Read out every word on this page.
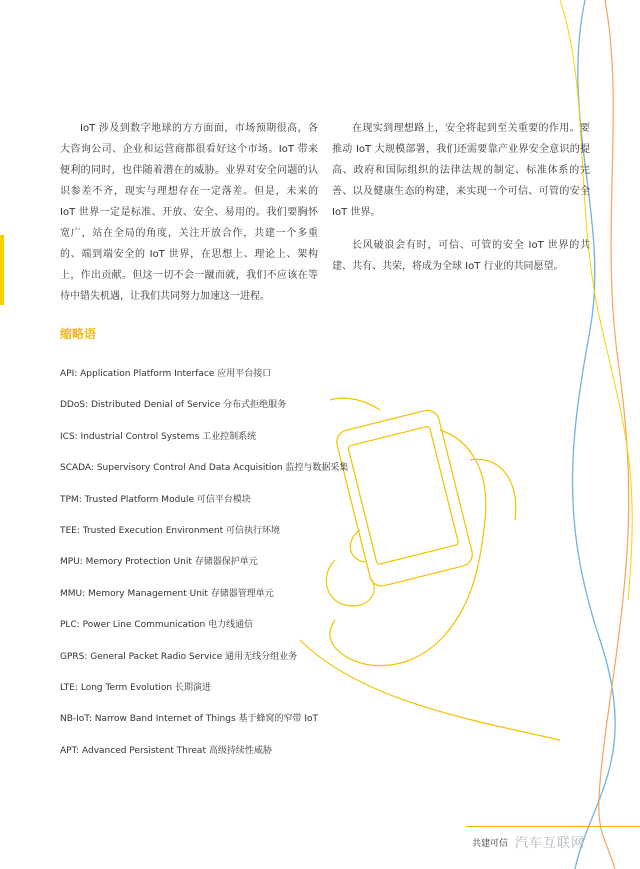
IoT 涉及到数字地球的方方面面，市场预期很高，各大咨询公司、企业和运营商都很看好这个市场。IoT 带来便利的同时，也伴随着潜在的威胁。业界对安全问题的认识参差不齐，现实与理想存在一定落差。但是，未来的 IoT 世界一定是标准、开放、安全、易用的。我们要胸怀宽广，站在全局的角度，关注开放合作，共建一个多重的、端到端安全的 IoT 世界，在思想上、理论上、架构上，作出贡献。但这一切不会一蹴而就，我们不应该在等待中错失机遇，让我们共同努力加速这一进程。

在现实到理想路上，安全将起到至关重要的作用。要推动 IoT 大规模部署，我们还需要靠产业界安全意识的提高、政府和国际组织的法律法规的制定、标准体系的完善、以及健康生态的构建，来实现一个可信、可管的安全 IoT 世界。

长风破浪会有时，可信、可管的安全 IoT 世界的共建、共有、共荣，将成为全球 IoT 行业的共同愿望。

缩略语
API: Application Platform Interface 应用平台接口
DDoS: Distributed Denial of Service 分布式拒绝服务
ICS: Industrial Control Systems 工业控制系统
SCADA: Supervisory Control And Data Acquisition 监控与数据采集
TPM: Trusted Platform Module 可信平台模块
TEE: Trusted Execution Environment 可信执行环境
MPU: Memory Protection Unit 存储器保护单元
MMU: Memory Management Unit 存储器管理单元
PLC: Power Line Communication 电力线通信
GPRS: General Packet Radio Service 通用无线分组业务
LTE: Long Term Evolution 长期演进
NB-IoT: Narrow Band Internet of Things 基于蜂窝的窄带 IoT
APT: Advanced Persistent Threat 高级持续性威胁
共建可信 汽车互联网
